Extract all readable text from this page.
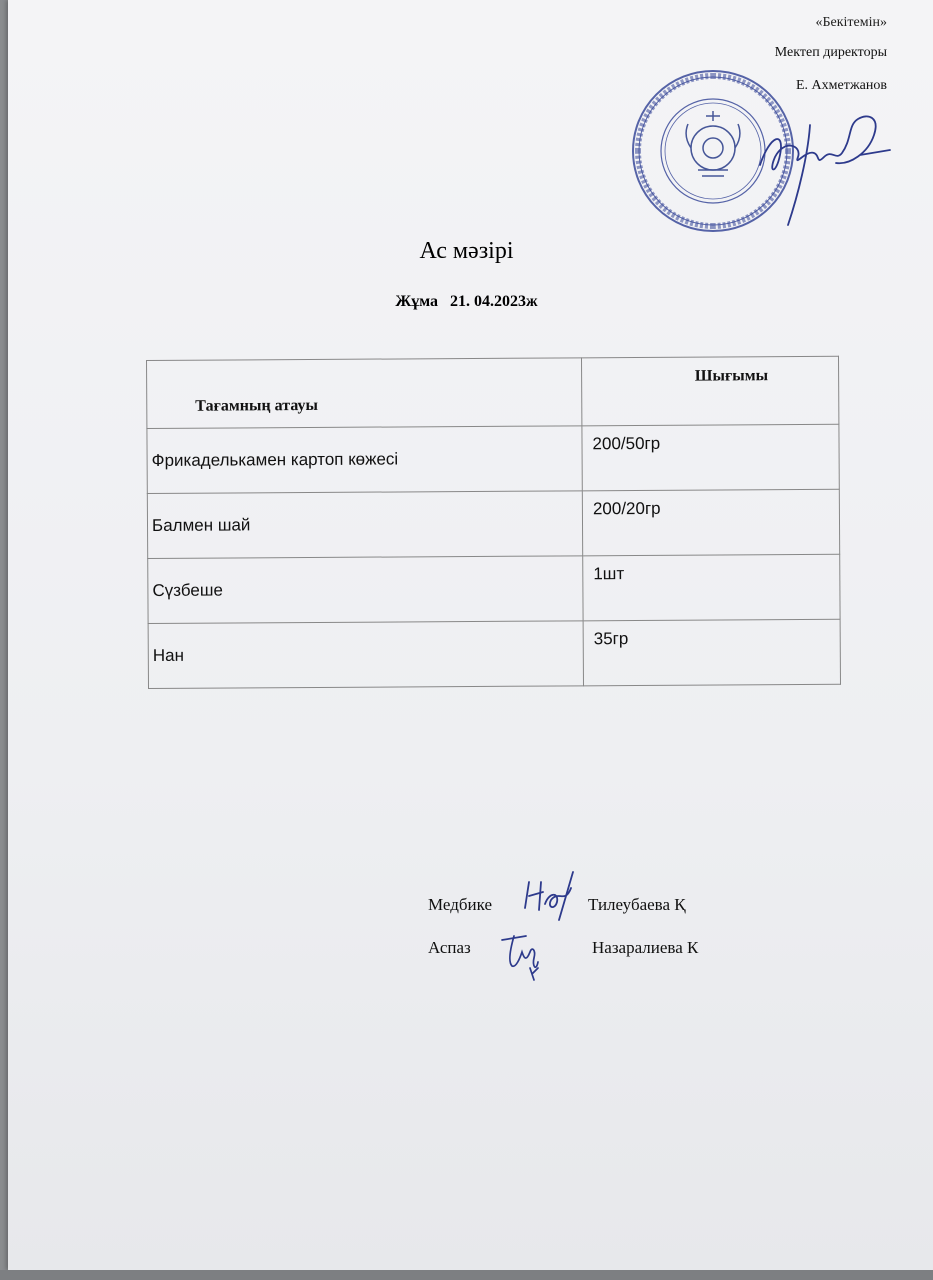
«Бекітемін»
Мектеп директоры
Е. Ахметжанов
Ас мәзірі
Жұма 21. 04.2023ж
Тағамның атауы	Шығымы
Фрикаделькамен картоп көжесі	200/50гр
Балмен шай	200/20гр
Сүзбеше	1шт
Нан	35гр
Медбике	Тилеубаева Қ
Аспаз	Назаралиева К
